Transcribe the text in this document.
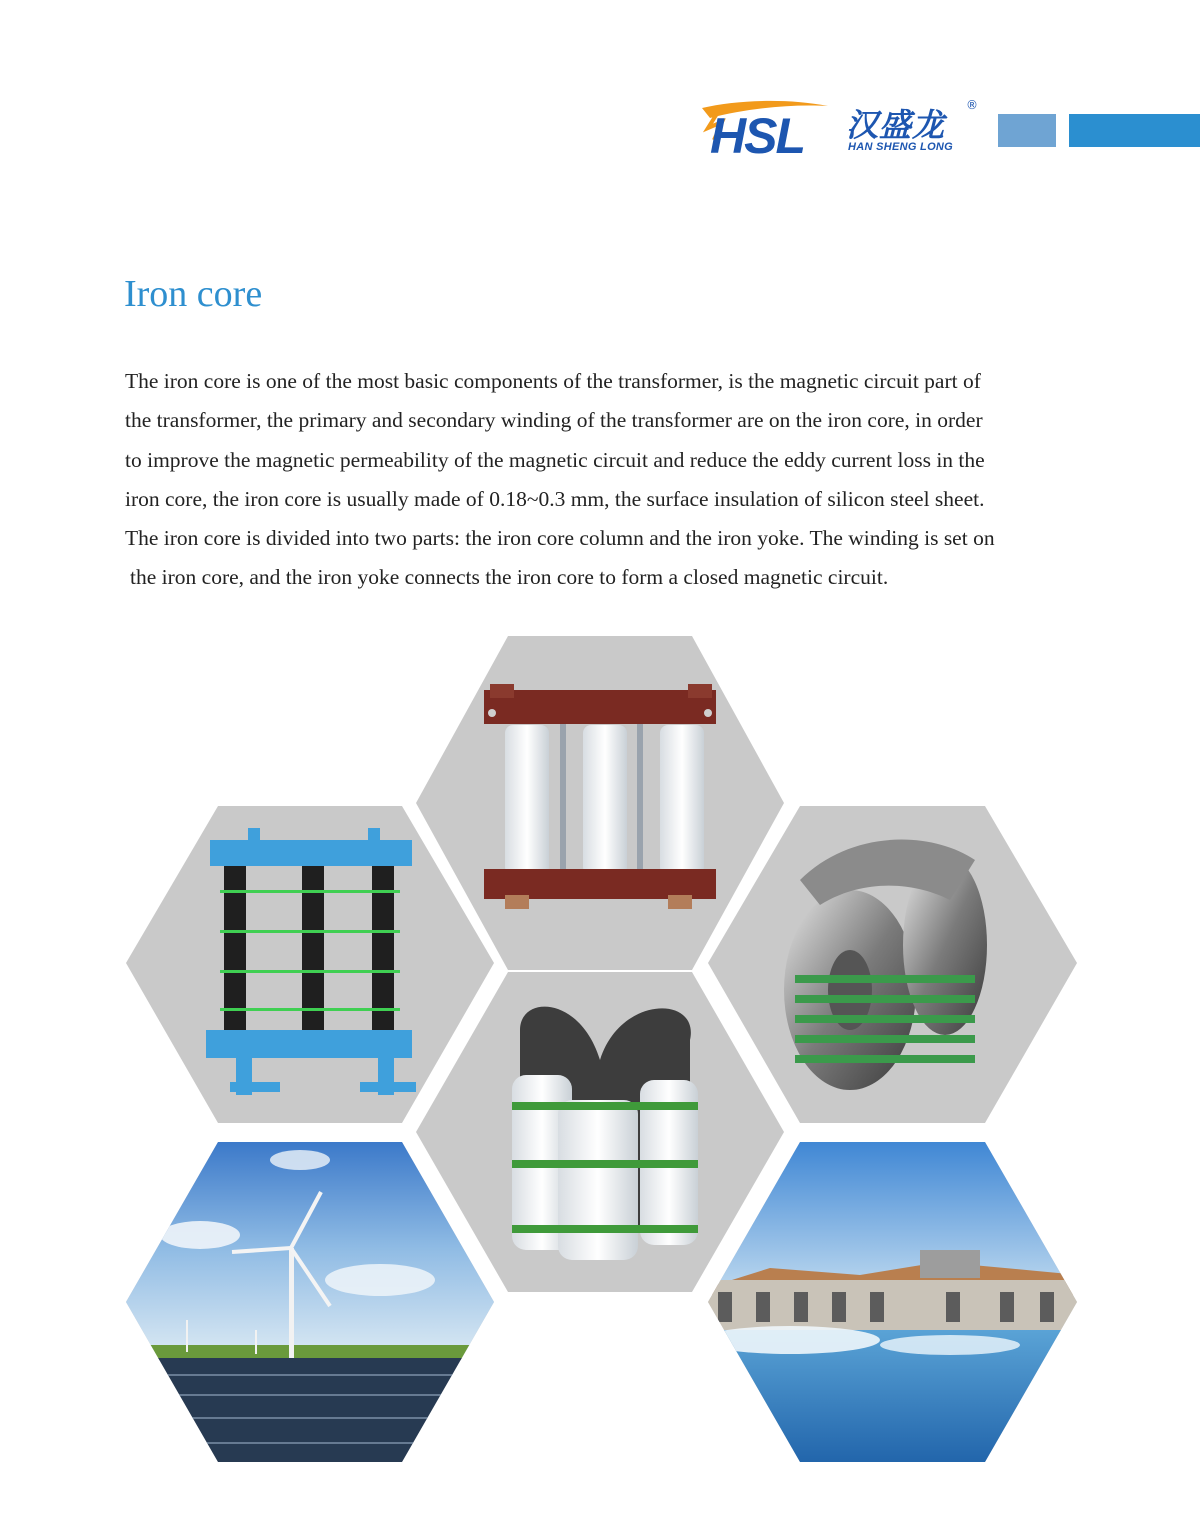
HSL 汉盛龙
®
HAN SHENG LONG
Iron core
The iron core is one of the most basic components of the transformer, is the magnetic circuit part of
the transformer, the primary and secondary winding of the transformer are on the iron core, in order
to improve the magnetic permeability of the magnetic circuit and reduce the eddy current loss in the
iron core, the iron core is usually made of 0.18~0.3 mm, the surface insulation of silicon steel sheet.
The iron core is divided into two parts: the iron core column and the iron yoke. The winding is set on
the iron core, and the iron yoke connects the iron core to form a closed magnetic circuit.
